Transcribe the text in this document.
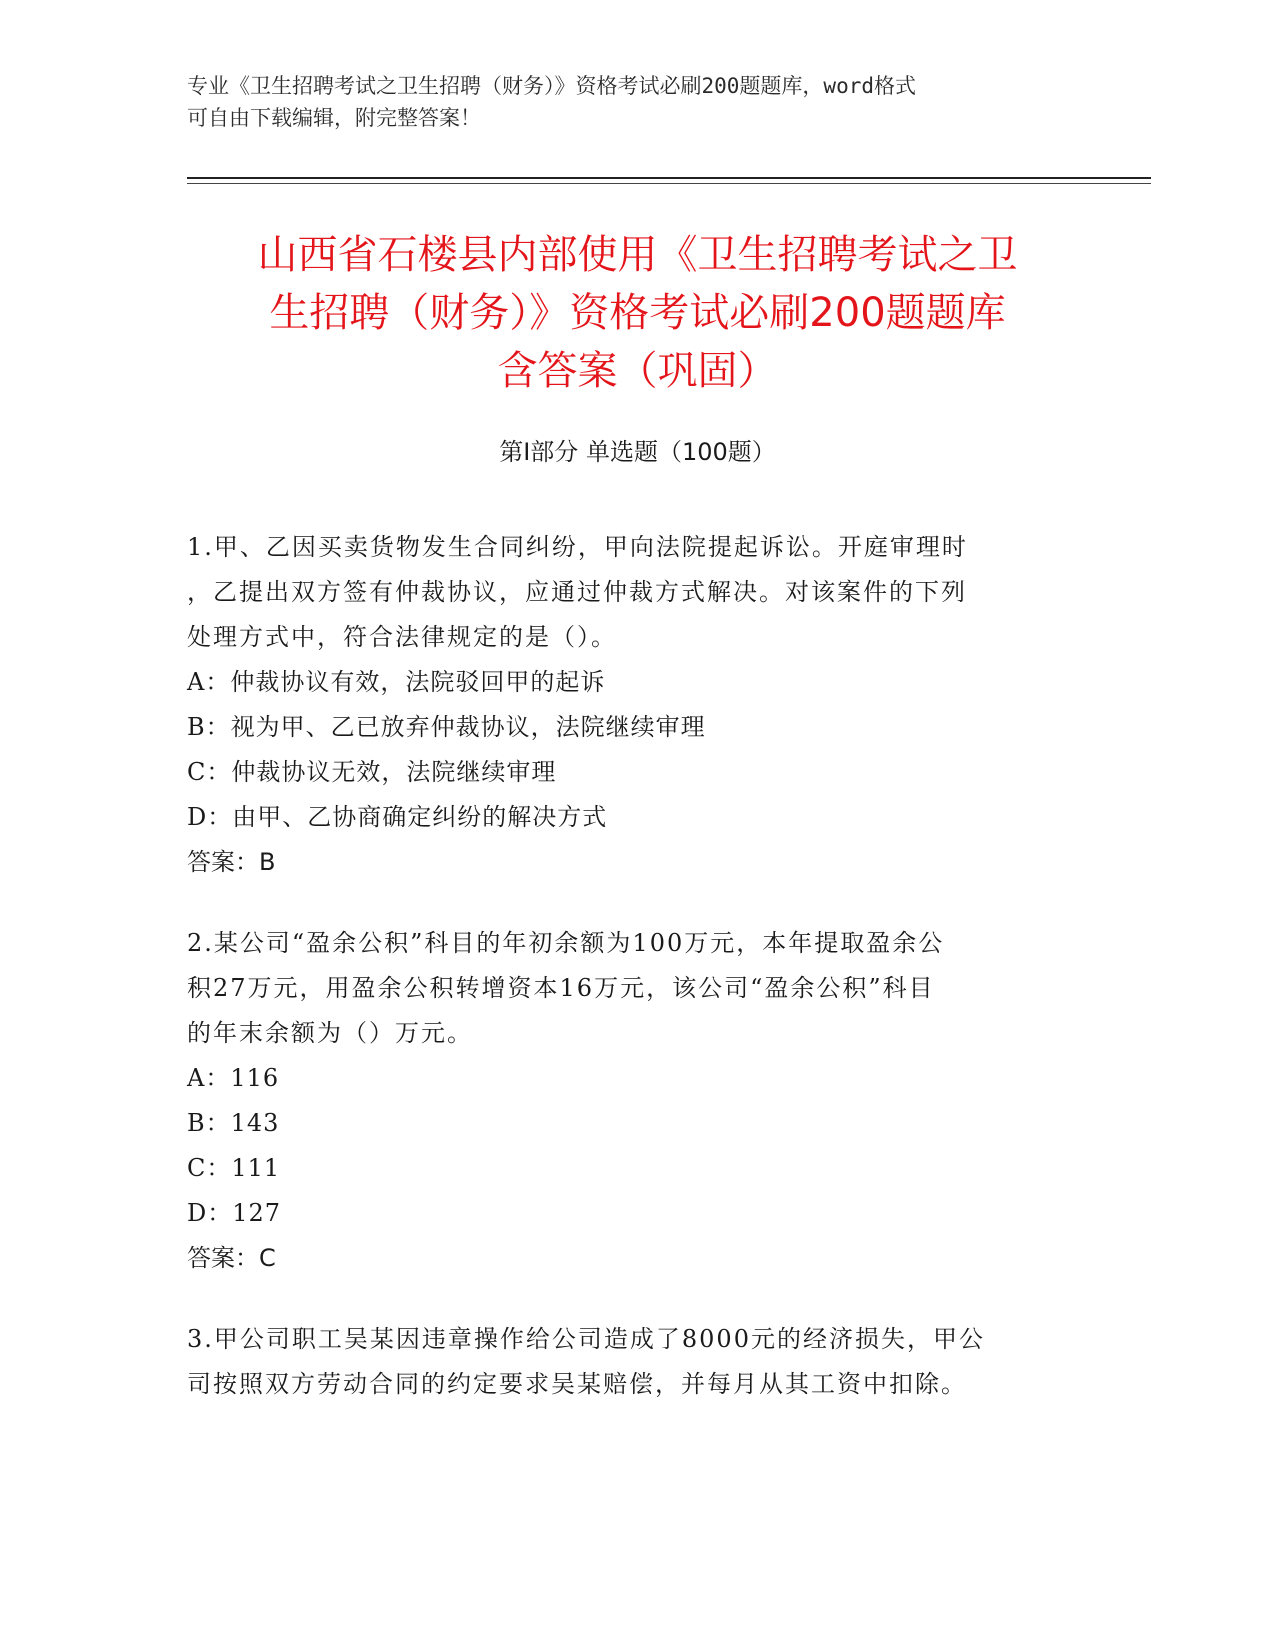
专业《卫生招聘考试之卫生招聘（财务）》资格考试必刷200题题库，word格式
可自由下载编辑，附完整答案！
山西省石楼县内部使用《卫生招聘考试之卫
生招聘（财务）》资格考试必刷200题题库
含答案（巩固）
第Ⅰ部分 单选题（100题）
1.甲、乙因买卖货物发生合同纠纷，甲向法院提起诉讼。开庭审理时
，乙提出双方签有仲裁协议，应通过仲裁方式解决。对该案件的下列
处理方式中，符合法律规定的是（）。
A：仲裁协议有效，法院驳回甲的起诉
B：视为甲、乙已放弃仲裁协议，法院继续审理
C：仲裁协议无效，法院继续审理
D：由甲、乙协商确定纠纷的解决方式
答案：B
2.某公司“盈余公积”科目的年初余额为100万元，本年提取盈余公
积27万元，用盈余公积转增资本16万元，该公司“盈余公积”科目
的年末余额为（）万元。
A：116
B：143
C：111
D：127
答案：C
3.甲公司职工吴某因违章操作给公司造成了8000元的经济损失，甲公
司按照双方劳动合同的约定要求吴某赔偿，并每月从其工资中扣除。
